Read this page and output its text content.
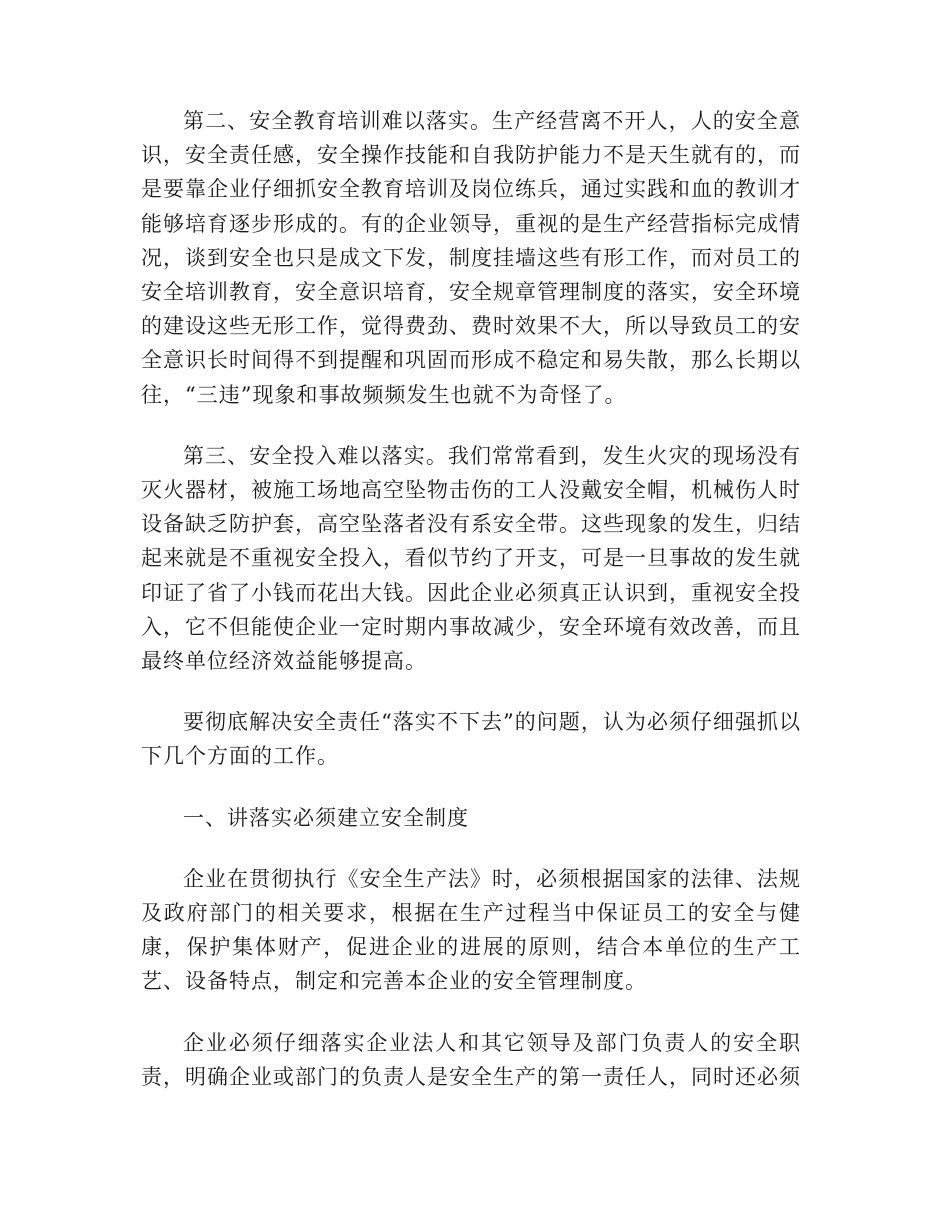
第二、安全教育培训难以落实。生产经营离不开人，人的安全意识，安全责任感，安全操作技能和自我防护能力不是天生就有的，而是要靠企业仔细抓安全教育培训及岗位练兵，通过实践和血的教训才能够培育逐步形成的。有的企业领导，重视的是生产经营指标完成情况，谈到安全也只是成文下发，制度挂墙这些有形工作，而对员工的安全培训教育，安全意识培育，安全规章管理制度的落实，安全环境的建设这些无形工作，觉得费劲、费时效果不大，所以导致员工的安全意识长时间得不到提醒和巩固而形成不稳定和易失散，那么长期以往，“三违”现象和事故频频发生也就不为奇怪了。

第三、安全投入难以落实。我们常常看到，发生火灾的现场没有灭火器材，被施工场地高空坠物击伤的工人没戴安全帽，机械伤人时设备缺乏防护套，高空坠落者没有系安全带。这些现象的发生，归结起来就是不重视安全投入，看似节约了开支，可是一旦事故的发生就印证了省了小钱而花出大钱。因此企业必须真正认识到，重视安全投入，它不但能使企业一定时期内事故减少，安全环境有效改善，而且最终单位经济效益能够提高。

要彻底解决安全责任“落实不下去”的问题，认为必须仔细强抓以下几个方面的工作。

一、讲落实必须建立安全制度

企业在贯彻执行《安全生产法》时，必须根据国家的法律、法规及政府部门的相关要求，根据在生产过程当中保证员工的安全与健康，保护集体财产，促进企业的进展的原则，结合本单位的生产工艺、设备特点，制定和完善本企业的安全管理制度。

企业必须仔细落实企业法人和其它领导及部门负责人的安全职责，明确企业或部门的负责人是安全生产的第一责任人，同时还必须
